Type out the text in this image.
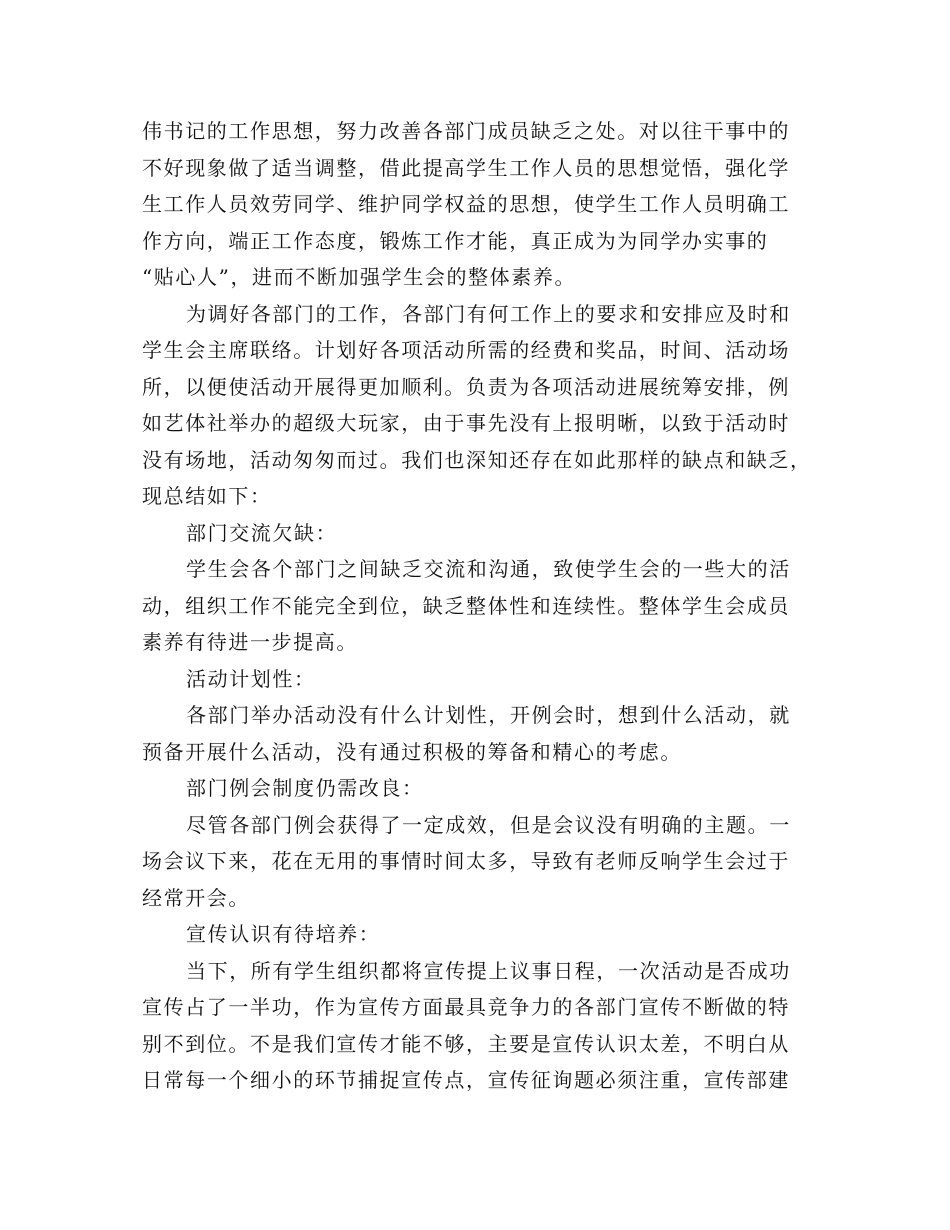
伟书记的工作思想，努力改善各部门成员缺乏之处。对以往干事中的
不好现象做了适当调整，借此提高学生工作人员的思想觉悟，强化学
生工作人员效劳同学、维护同学权益的思想，使学生工作人员明确工
作方向，端正工作态度，锻炼工作才能，真正成为为同学办实事的
“贴心人”，进而不断加强学生会的整体素养。
为调好各部门的工作，各部门有何工作上的要求和安排应及时和
学生会主席联络。计划好各项活动所需的经费和奖品，时间、活动场
所，以便使活动开展得更加顺利。负责为各项活动进展统筹安排，例
如艺体社举办的超级大玩家，由于事先没有上报明晰，以致于活动时
没有场地，活动匆匆而过。我们也深知还存在如此那样的缺点和缺乏，
现总结如下：
部门交流欠缺：
学生会各个部门之间缺乏交流和沟通，致使学生会的一些大的活
动，组织工作不能完全到位，缺乏整体性和连续性。整体学生会成员
素养有待进一步提高。
活动计划性：
各部门举办活动没有什么计划性，开例会时，想到什么活动，就
预备开展什么活动，没有通过积极的筹备和精心的考虑。
部门例会制度仍需改良：
尽管各部门例会获得了一定成效，但是会议没有明确的主题。一
场会议下来，花在无用的事情时间太多，导致有老师反响学生会过于
经常开会。
宣传认识有待培养：
当下，所有学生组织都将宣传提上议事日程，一次活动是否成功
宣传占了一半功，作为宣传方面最具竞争力的各部门宣传不断做的特
别不到位。不是我们宣传才能不够，主要是宣传认识太差，不明白从
日常每一个细小的环节捕捉宣传点，宣传征询题必须注重，宣传部建
